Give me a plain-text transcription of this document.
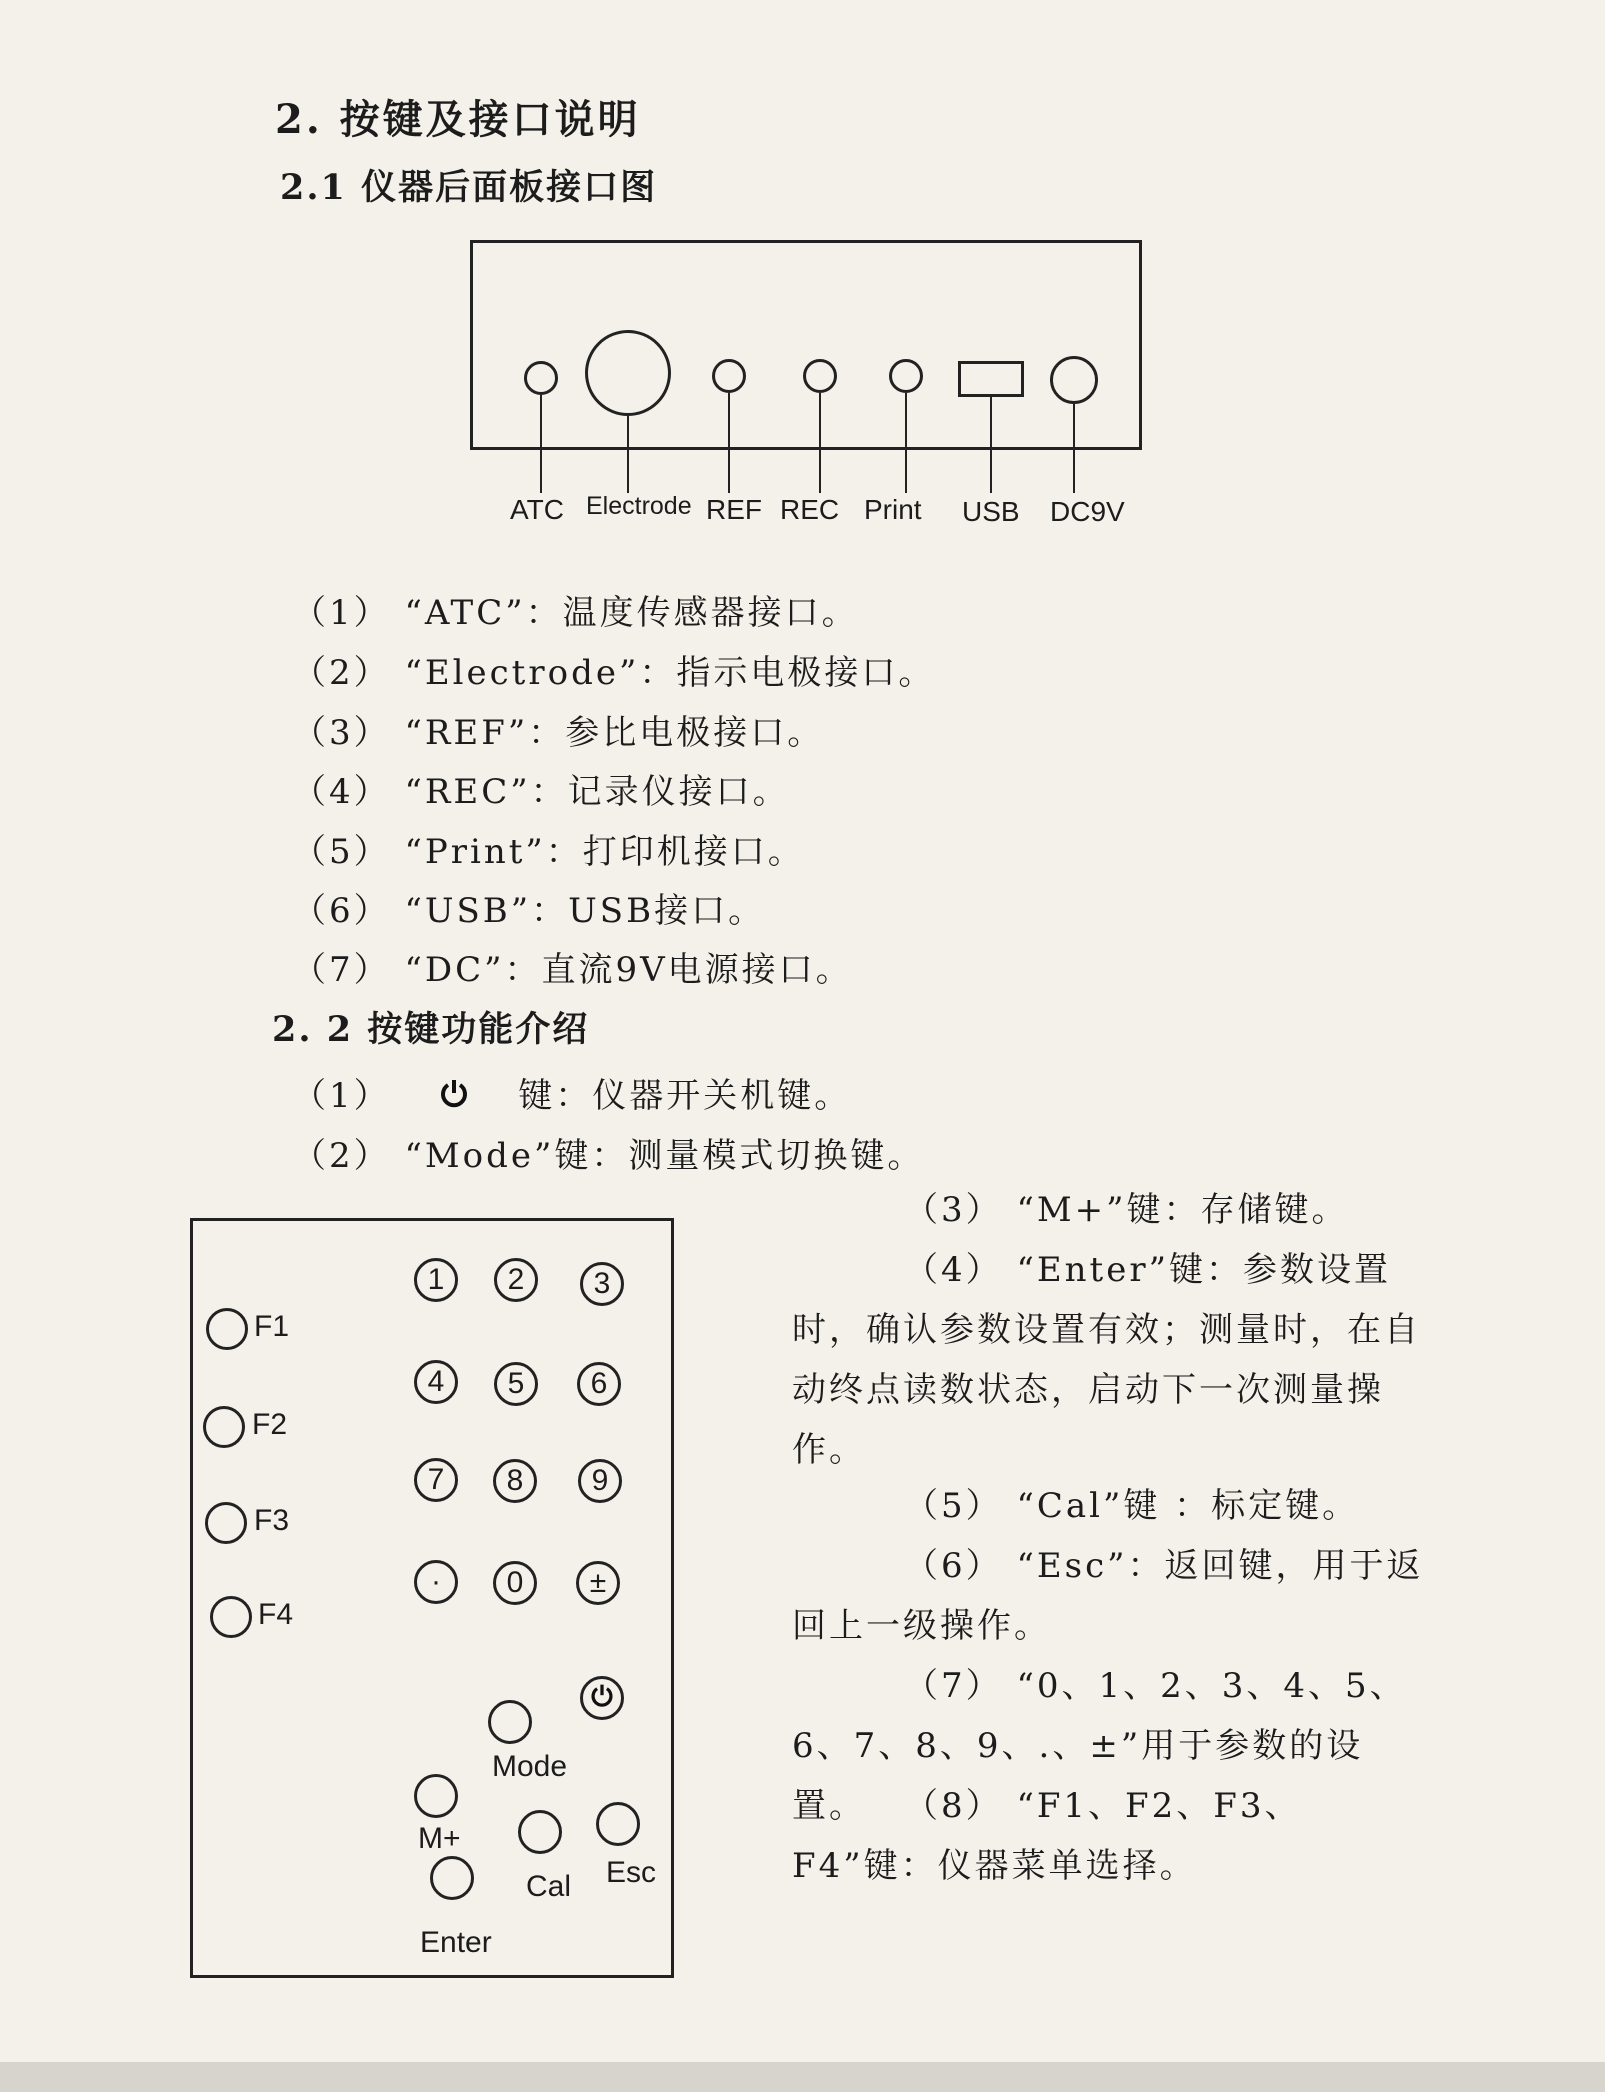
2. 按键及接口说明
2.1 仪器后面板接口图
ATC Electrode REF REC Print USB DC9V
（1） “ATC”：温度传感器接口。
（2） “Electrode”：指示电极接口。
（3） “REF”：参比电极接口。
（4） “REC”：记录仪接口。
（5） “Print”：打印机接口。
（6） “USB”：USB接口。
（7） “DC”：直流9V电源接口。
2. 2 按键功能介绍
（1）	键：仪器开关机键。
（2） “Mode”键：测量模式切换键。
F1
F2
F3
F4
1	2	3
4	5	6
7	8	9
·	0	±
Mode
M+
Cal Esc
Enter
（3） “M+”键：存储键。
（4） “Enter”键：参数设置时，确认参数设置有效；测量时，在自动终点读数状态，启动下一次测量操作。
（5） “Cal”键 ：标定键。
（6） “Esc”：返回键，用于返回上一级操作。
（7） “0、1、2、3、4、5、6、7、8、9、.、±”用于参数的设置。	（8） “F1、F2、F3、F4”键：仪器菜单选择。
